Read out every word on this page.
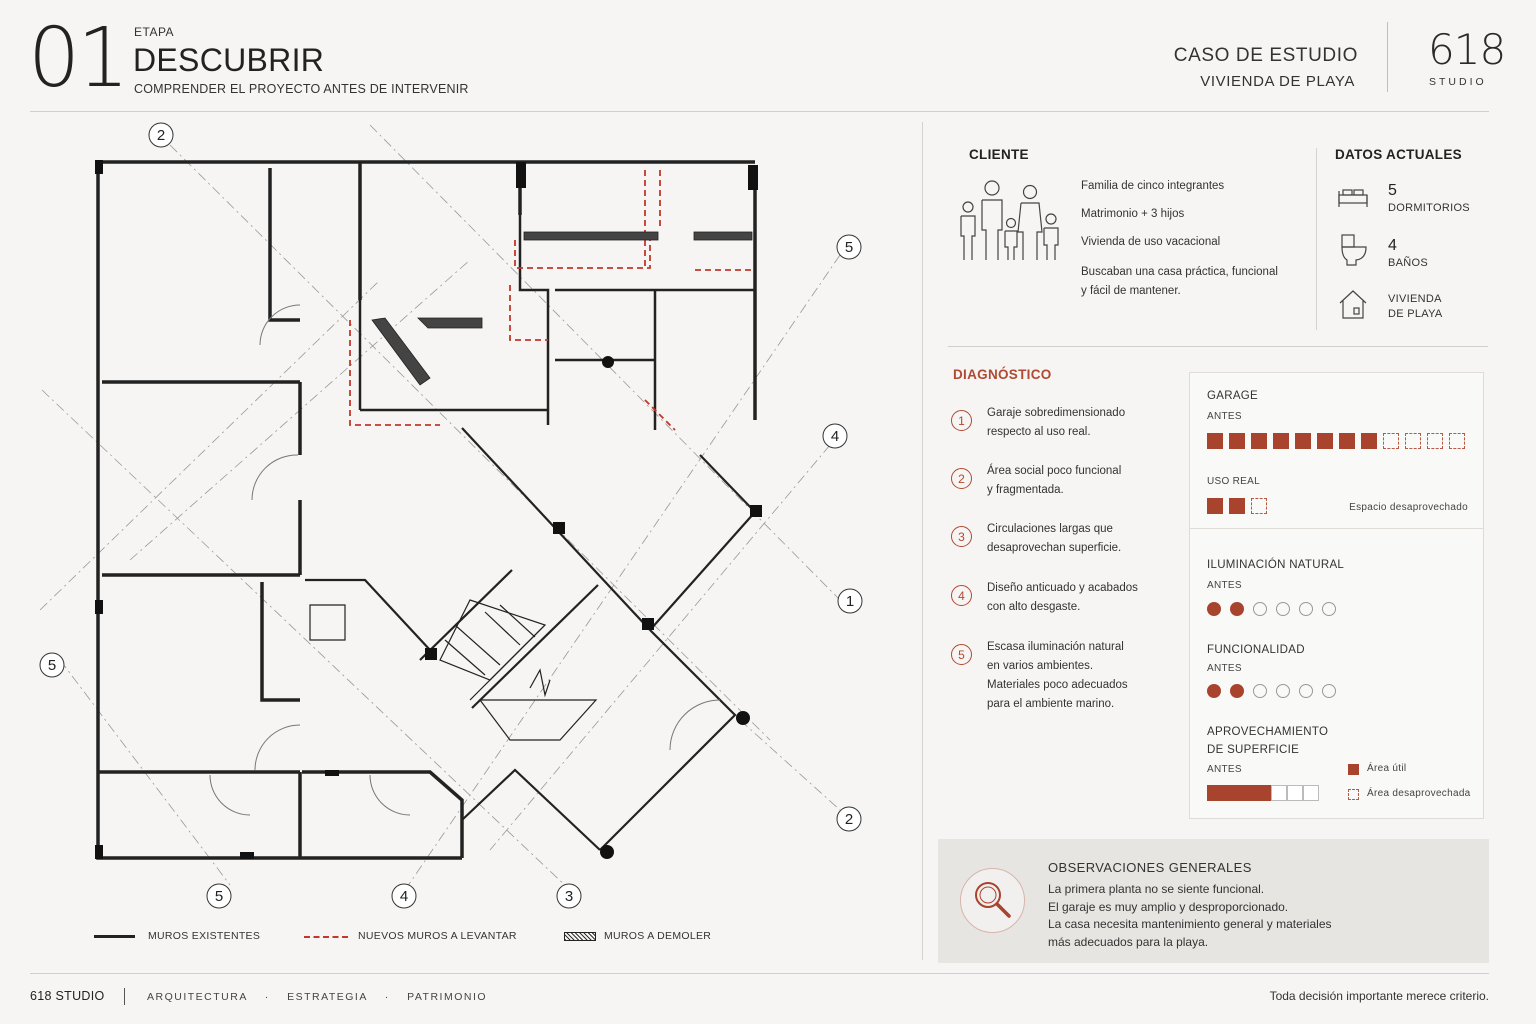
01 ETAPA
DESCUBRIR
COMPRENDER EL PROYECTO ANTES DE INTERVENIR
CASO DE ESTUDIO
VIVIENDA DE PLAYA
618
STUDIO
2
5
4
1
2
3
4
5
5
MUROS EXISTENTES	NUEVOS MUROS A LEVANTAR	MUROS A DEMOLER
CLIENTE
Familia de cinco integrantes
Matrimonio + 3 hijos
Vivienda de uso vacacional
Buscaban una casa práctica, funcional
y fácil de mantener.
DATOS ACTUALES
5
DORMITORIOS
4
BAÑOS
VIVIENDA
DE PLAYA
DIAGNÓSTICO
1
Garaje sobredimensionado
respecto al uso real.
2
Área social poco funcional
y fragmentada.
3
Circulaciones largas que
desaprovechan superficie.
4
Diseño anticuado y acabados
con alto desgaste.
5
Escasa iluminación natural
en varios ambientes.
Materiales poco adecuados
para el ambiente marino.
GARAGE
ANTES
USO REAL
Espacio desaprovechado
ILUMINACIÓN NATURAL
ANTES
FUNCIONALIDAD
ANTES
APROVECHAMIENTO
DE SUPERFICIE
ANTES	Área útil
Área desaprovechada
OBSERVACIONES GENERALES
La primera planta no se siente funcional.
El garaje es muy amplio y desproporcionado.
La casa necesita mantenimiento general y materiales
más adecuados para la playa.
618 STUDIO	ARQUITECTURA · ESTRATEGIA · PATRIMONIO	Toda decisión importante merece criterio.
